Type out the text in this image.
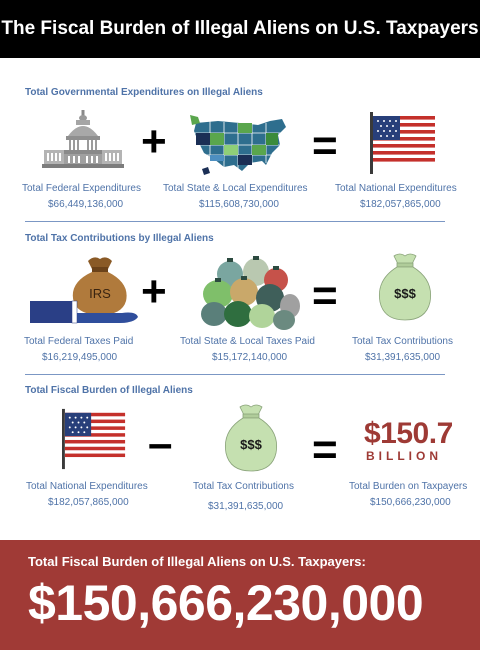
The Fiscal Burden of Illegal Aliens on U.S. Taxpayers
Total Governmental Expenditures on Illegal Aliens
+	=
Total Federal Expenditures
$66,449,136,000
Total State & Local Expenditures
$115,608,730,000
Total National Expenditures
$182,057,865,000
Total Tax Contributions by Illegal Aliens
IRS +	=	$$$
Total Federal Taxes Paid
$16,219,495,000
Total State & Local Taxes Paid
$15,172,140,000
Total Tax Contributions
$31,391,635,000
Total Fiscal Burden of Illegal Aliens
–	$$$ = $150.7
BILLION
Total National Expenditures
$182,057,865,000
Total Tax Contributions
$31,391,635,000
Total Burden on Taxpayers
$150,666,230,000
Total Fiscal Burden of Illegal Aliens on U.S. Taxpayers:
$150,666,230,000
